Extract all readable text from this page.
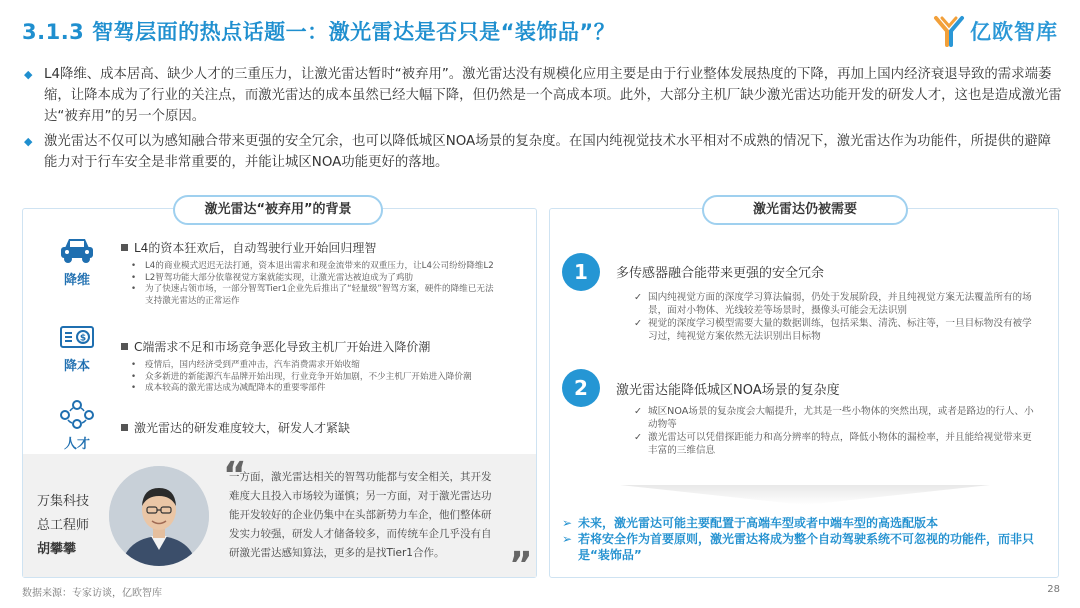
3.1.3 智驾层面的热点话题一：激光雷达是否只是“装饰品”？	亿欧智库
◆ L4降维、成本居高、缺少人才的三重压力，让激光雷达暂时“被弃用”。激光雷达没有规模化应用主要是由于行业整体发展热度的下降，再加上国内经济衰退导致的需求端萎缩，让降本成为了行业的关注点，而激光雷达的成本虽然已经大幅下降，但仍然是一个高成本项。此外，大部分主机厂缺少激光雷达功能开发的研发人才，这也是造成激光雷达“被弃用”的另一个原因。
◆ 激光雷达不仅可以为感知融合带来更强的安全冗余，也可以降低城区NOA场景的复杂度。在国内纯视觉技术水平相对不成熟的情况下，激光雷达作为功能件，所提供的避障能力对于行车安全是非常重要的，并能让城区NOA功能更好的落地。
激光雷达“被弃用”的背景
降维
L4的资本狂欢后，自动驾驶行业开始回归理智
•	L4的商业模式迟迟无法打通，资本退出需求和现金流带来的双重压力，让L4公司纷纷降维L2
•	L2智驾功能大部分依靠视觉方案就能实现，让激光雷达被迫成为了鸡肋
•	为了快速占领市场，一部分智驾Tier1企业先后推出了“轻量级”智驾方案，硬件的降维已无法支持激光雷达的正常运作
$
降本
C端需求不足和市场竞争恶化导致主机厂开始进入降价潮
•	疫情后，国内经济受到严重冲击，汽车消费需求开始收缩
•	众多新进的新能源汽车品牌开始出现，行业竞争开始加剧，不少主机厂开始进入降价潮
•	成本较高的激光雷达成为减配降本的重要零部件
人才
激光雷达的研发难度较大，研发人才紧缺
万集科技
总工程师
胡攀攀
“
一方面，激光雷达相关的智驾功能都与安全相关，其开发难度大且投入市场较为谨慎；另一方面，对于激光雷达功能开发较好的企业仍集中在头部新势力车企，他们整体研发实力较强，研发人才储备较多，而传统车企几乎没有自研激光雷达感知算法，更多的是找Tier1合作。	”
激光雷达仍被需要
1	多传感器融合能带来更强的安全冗余
✓ 国内纯视觉方面的深度学习算法偏弱，仍处于发展阶段，并且纯视觉方案无法覆盖所有的场景，面对小物体、光线较差等场景时，摄像头可能会无法识别
✓ 视觉的深度学习模型需要大量的数据训练，包括采集、清洗、标注等，一旦目标物没有被学习过，纯视觉方案依然无法识别出目标物
2	激光雷达能降低城区NOA场景的复杂度
✓ 城区NOA场景的复杂度会大幅提升，尤其是一些小物体的突然出现，或者是路边的行人、小动物等
✓ 激光雷达可以凭借探距能力和高分辨率的特点，降低小物体的漏检率，并且能给视觉带来更丰富的三维信息
➢ 未来，激光雷达可能主要配置于高端车型或者中端车型的高选配版本
➢ 若将安全作为首要原则，激光雷达将成为整个自动驾驶系统不可忽视的功能件，而非只是“装饰品”
数据来源：专家访谈，亿欧智库	28
